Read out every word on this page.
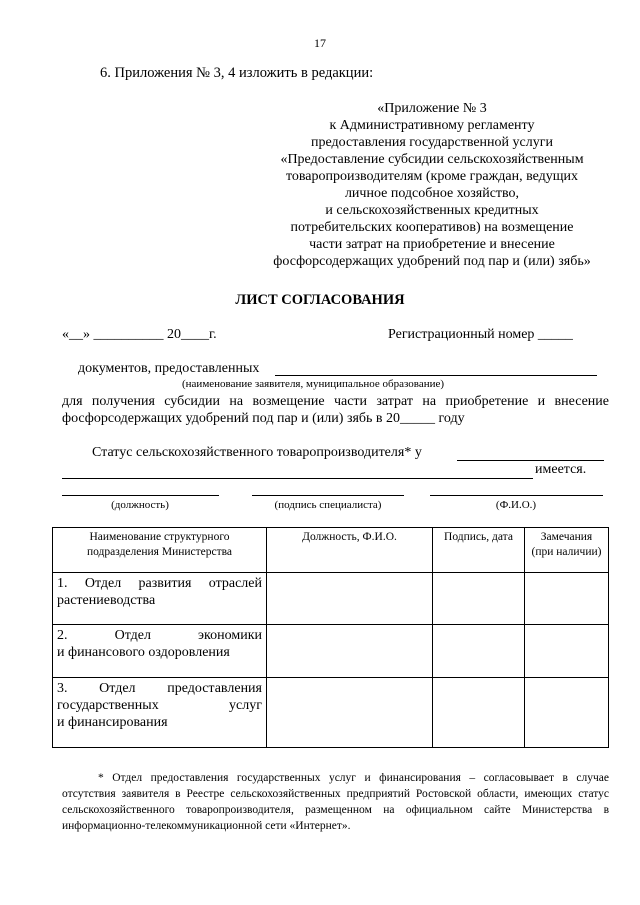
17
6. Приложения № 3, 4 изложить в редакции:
«Приложение № 3
к Административному регламенту
предоставления государственной услуги
«Предоставление субсидии сельскохозяйственным
товаропроизводителям (кроме граждан, ведущих
личное подсобное хозяйство,
и сельскохозяйственных кредитных
потребительских кооперативов) на возмещение
части затрат на приобретение и внесение
фосфорсодержащих удобрений под пар и (или) зябь»
ЛИСТ СОГЛАСОВАНИЯ
«__» __________ 20____г.	Регистрационный номер _____
документов, предоставленных
(наименование заявителя, муниципальное образование)
для получения субсидии на возмещение части затрат на приобретение и внесение
фосфорсодержащих удобрений под пар и (или) зябь в 20_____ году
Статус сельскохозяйственного товаропроизводителя* у
имеется.
(должность)	(подпись специалиста)	(Ф.И.О.)
Наименование структурного подразделения Министерства	Должность, Ф.И.О.	Подпись, дата	Замечания (при наличии)

1. Отдел развития отраслей
растениеводства			

2. Отдел экономики
и финансового оздоровления			

3. Отдел предоставления
государственных услуг
и финансирования			

* Отдел предоставления государственных услуг и финансирования – согласовывает в случае отсутствия заявителя в Реестре сельскохозяйственных предприятий Ростовской области, имеющих статус сельскохозяйственного товаропроизводителя, размещенном на официальном сайте Министерства в информационно-телекоммуникационной сети «Интернет».
